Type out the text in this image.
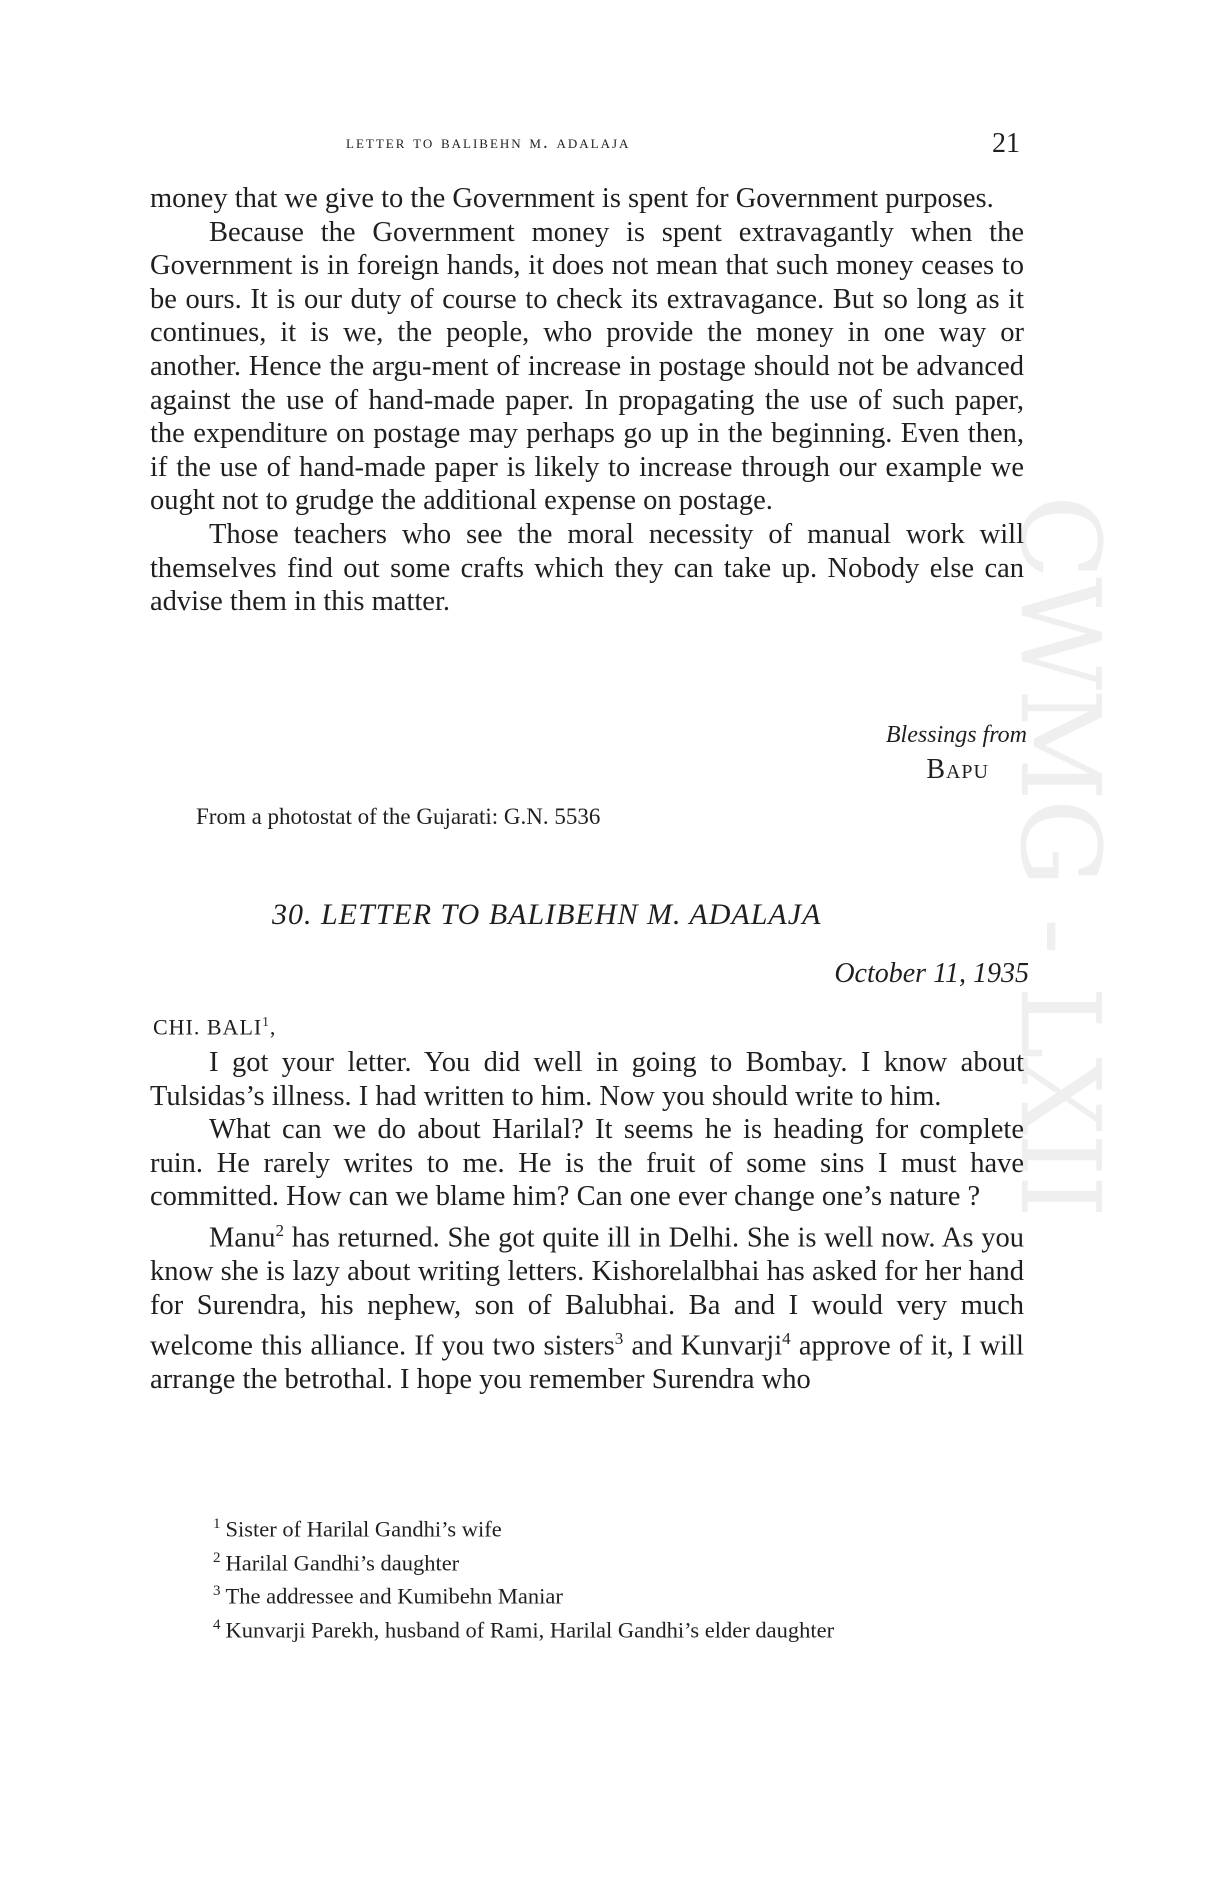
CWMG - LXII
letter to balibehn m. adalaja	21

money that we give to the Government is spent for Government purposes.

Because the Government money is spent extravagantly when the Government is in foreign hands, it does not mean that such money ceases to be ours. It is our duty of course to check its extravagance. But so long as it continues, it is we, the people, who provide the money in one way or another. Hence the argu-ment of increase in postage should not be advanced against the use of hand-made paper. In propagating the use of such paper, the expenditure on postage may perhaps go up in the beginning. Even then, if the use of hand-made paper is likely to increase through our example we ought not to grudge the additional expense on postage.

Those teachers who see the moral necessity of manual work will themselves find out some crafts which they can take up. Nobody else can advise them in this matter.

Blessings from
Bapu
From a photostat of the Gujarati: G.N. 5536
30. LETTER TO BALIBEHN M. ADALAJA
October 11, 1935
CHI. BALI$^1$,

I got your letter. You did well in going to Bombay. I know about Tulsidas’s illness. I had written to him. Now you should write to him.

What can we do about Harilal? It seems he is heading for complete ruin. He rarely writes to me. He is the fruit of some sins I must have committed. How can we blame him? Can one ever change one’s nature ?

Manu$^2$ has returned. She got quite ill in Delhi. She is well now. As you know she is lazy about writing letters. Kishorelalbhai has asked for her hand for Surendra, his nephew, son of Balubhai. Ba and I would very much welcome this alliance. If you two sisters$^3$ and Kunvarji$^4$ approve of it, I will arrange the betrothal. I hope you remember Surendra who

$^1$ Sister of Harilal Gandhi’s wife
$^2$ Harilal Gandhi’s daughter
$^3$ The addressee and Kumibehn Maniar
$^4$ Kunvarji Parekh, husband of Rami, Harilal Gandhi’s elder daughter
